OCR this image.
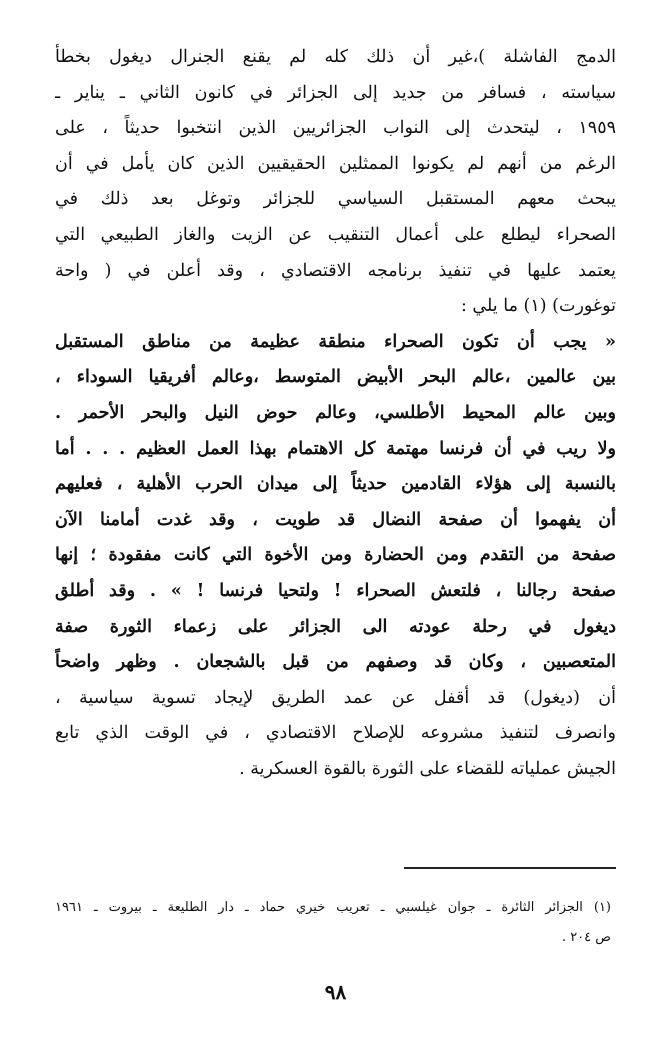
الدمج الفاشلة )،غير أن ذلك كله لم يقنع الجنرال ديغول بخطأ
سياسته ، فسافر من جديد إلى الجزائر في كانون الثاني ـ يناير ـ
١٩٥٩ ، ليتحدث إلى النواب الجزائريين الذين انتخبوا حديثاً ، على
الرغم من أنهم لم يكونوا الممثلين الحقيقيين الذين كان يأمل في أن
يبحث معهم المستقبل السياسي للجزائر وتوغل بعد ذلك في
الصحراء ليطلع على أعمال التنقيب عن الزيت والغاز الطبيعي التي
يعتمد عليها في تنفيذ برنامجه الاقتصادي ، وقد أعلن في ( واحة
توغورت) (١) ما يلي :
« يجب أن تكون الصحراء منطقة عظيمة من مناطق المستقبل
بين عالمين ،عالم البحر الأبيض المتوسط ،وعالم أفريقيا السوداء ،
وبين عالم المحيط الأطلسي، وعالم حوض النيل والبحر الأحمر .
ولا ريب في أن فرنسا مهتمة كل الاهتمام بهذا العمل العظيم . . . أما
بالنسبة إلى هؤلاء القادمين حديثاً إلى ميدان الحرب الأهلية ، فعليهم
أن يفهموا أن صفحة النضال قد طويت ، وقد غدت أمامنا الآن
صفحة من التقدم ومن الحضارة ومن الأخوة التي كانت مفقودة ؛ إنها
صفحة رجالنا ، فلتعش الصحراء ! ولتحيا فرنسا ! » . وقد أطلق
ديغول في رحلة عودته الى الجزائر على زعماء الثورة صفة
المتعصبين ، وكان قد وصفهم من قبل بالشجعان . وظهر واضحاً
أن (ديغول) قد أقفل عن عمد الطريق لإيجاد تسوية سياسية ،
وانصرف لتنفيذ مشروعه للإصلاح الاقتصادي ، في الوقت الذي تابع
الجيش عملياته للقضاء على الثورة بالقوة العسكرية .
(١) الجزائر الثائرة ـ جوان غيلسبي ـ تعريب خيري حماد ـ دار الطليعة ـ بيروت ـ ١٩٦١
ص ٢٠٤ .
٩٨
